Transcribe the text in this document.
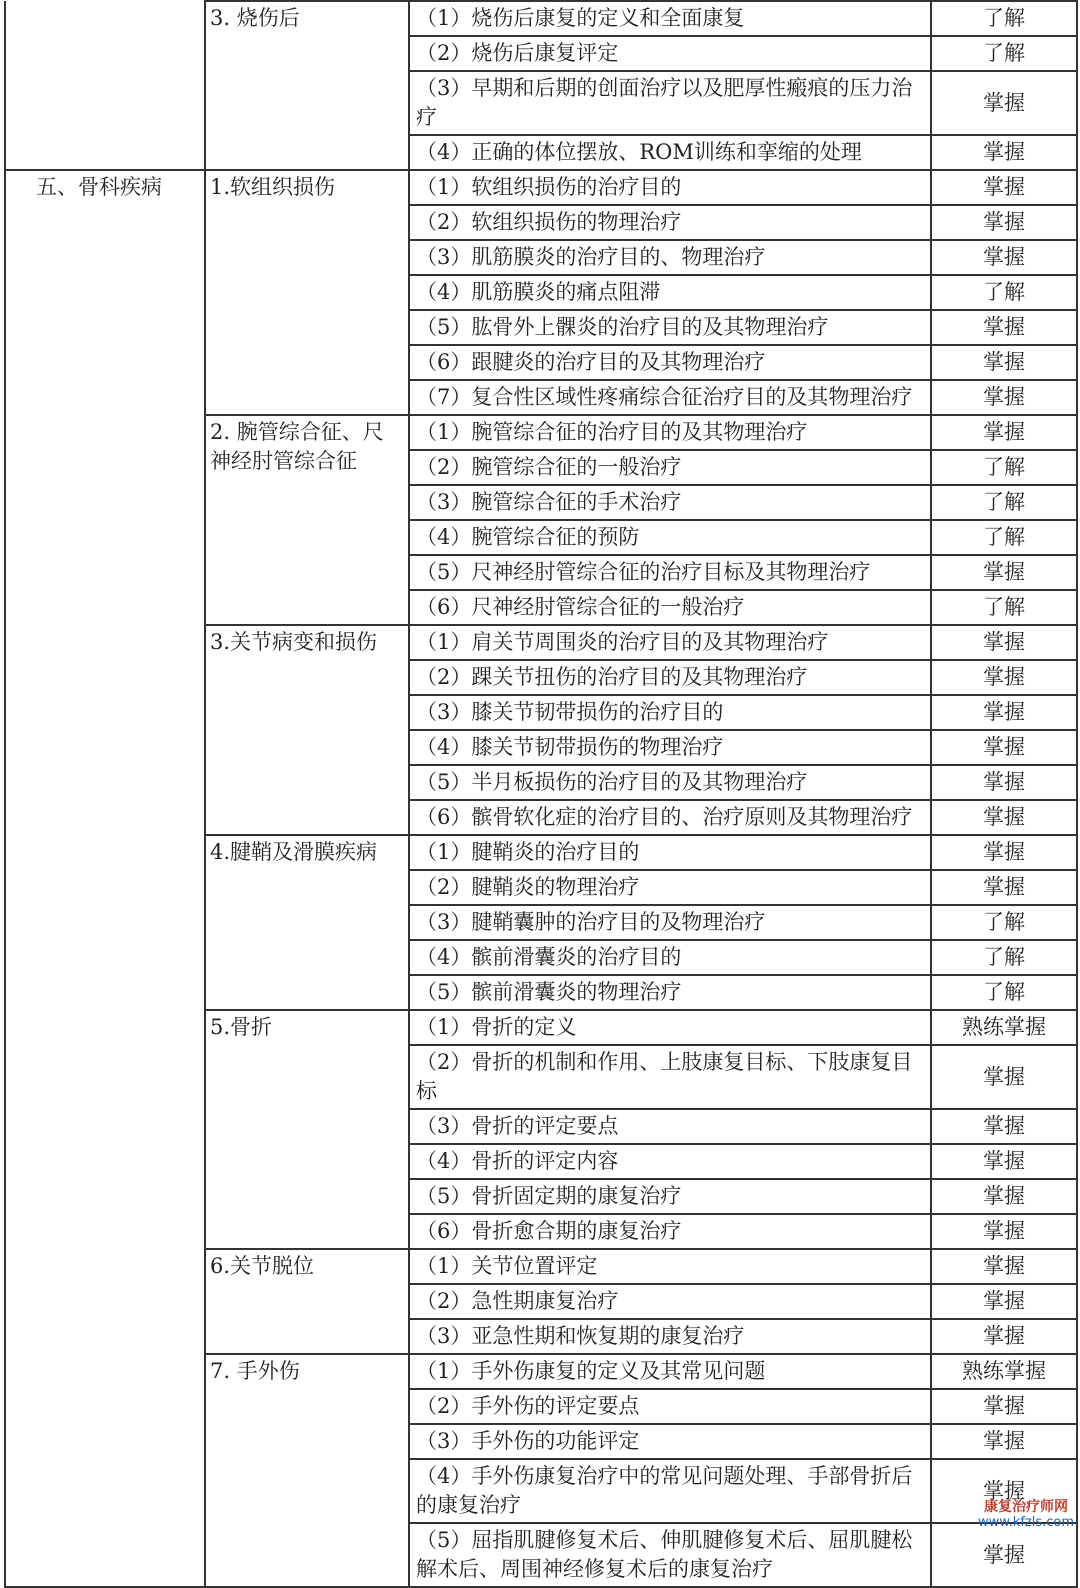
	3. 烧伤后	（1）烧伤后康复的定义和全面康复	了解
		（2）烧伤后康复评定	了解
		（3）早期和后期的创面治疗以及肥厚性瘢痕的压力治疗	掌握
		（4）正确的体位摆放、ROM训练和挛缩的处理	掌握
五、骨科疾病	1.软组织损伤	（1）软组织损伤的治疗目的	掌握
		（2）软组织损伤的物理治疗	掌握
		（3）肌筋膜炎的治疗目的、物理治疗	掌握
		（4）肌筋膜炎的痛点阻滞	了解
		（5）肱骨外上髁炎的治疗目的及其物理治疗	掌握
		（6）跟腱炎的治疗目的及其物理治疗	掌握
		（7）复合性区域性疼痛综合征治疗目的及其物理治疗	掌握
	2. 腕管综合征、尺神经肘管综合征	（1）腕管综合征的治疗目的及其物理治疗	掌握
		（2）腕管综合征的一般治疗	了解
		（3）腕管综合征的手术治疗	了解
		（4）腕管综合征的预防	了解
		（5）尺神经肘管综合征的治疗目标及其物理治疗	掌握
		（6）尺神经肘管综合征的一般治疗	了解
	3.关节病变和损伤	（1）肩关节周围炎的治疗目的及其物理治疗	掌握
		（2）踝关节扭伤的治疗目的及其物理治疗	掌握
		（3）膝关节韧带损伤的治疗目的	掌握
		（4）膝关节韧带损伤的物理治疗	掌握
		（5）半月板损伤的治疗目的及其物理治疗	掌握
		（6）髌骨软化症的治疗目的、治疗原则及其物理治疗	掌握
	4.腱鞘及滑膜疾病	（1）腱鞘炎的治疗目的	掌握
		（2）腱鞘炎的物理治疗	掌握
		（3）腱鞘囊肿的治疗目的及物理治疗	了解
		（4）髌前滑囊炎的治疗目的	了解
		（5）髌前滑囊炎的物理治疗	了解
	5.骨折	（1）骨折的定义	熟练掌握
		（2）骨折的机制和作用、上肢康复目标、下肢康复目标	掌握
		（3）骨折的评定要点	掌握
		（4）骨折的评定内容	掌握
		（5）骨折固定期的康复治疗	掌握
		（6）骨折愈合期的康复治疗	掌握
	6.关节脱位	（1）关节位置评定	掌握
		（2）急性期康复治疗	掌握
		（3）亚急性期和恢复期的康复治疗	掌握
	7. 手外伤	（1）手外伤康复的定义及其常见问题	熟练掌握
		（2）手外伤的评定要点	掌握
		（3）手外伤的功能评定	掌握
		（4）手外伤康复治疗中的常见问题处理、手部骨折后的康复治疗	掌握
		（5）屈指肌腱修复术后、伸肌腱修复术后、屈肌腱松解术后、周围神经修复术后的康复治疗	掌握
康复治疗师网
www.kfzls.com
